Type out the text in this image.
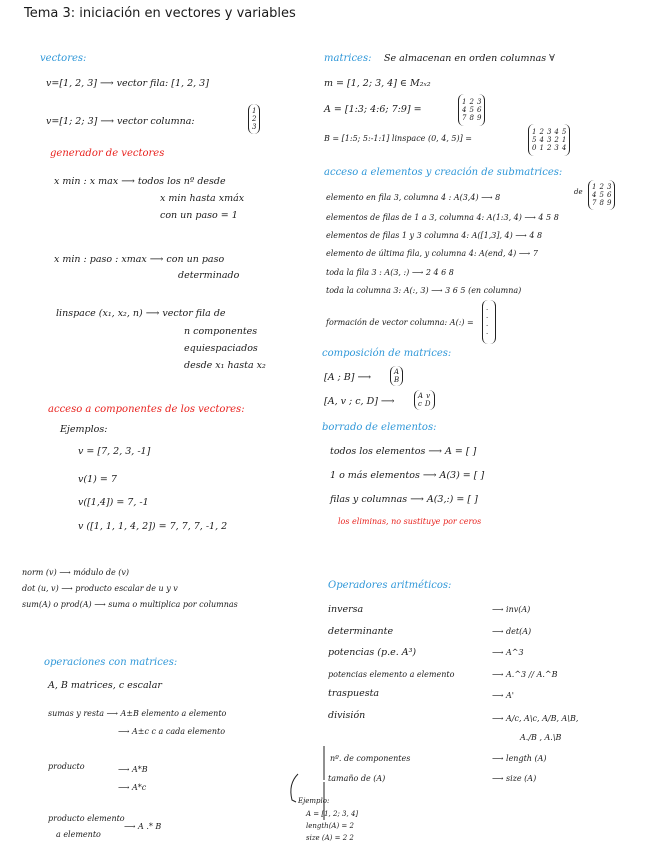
Tema 3: iniciación en vectores y variables
vectores:
v=[1, 2, 3] ⟶ vector fila: [1, 2, 3]
v=[1; 2; 3] ⟶ vector columna:
1
2
3
generador de vectores
x min : x max ⟶ todos los nº desde
x min hasta xmáx
con un paso = 1
x min : paso : xmax ⟶ con un paso
determinado
linspace (x₁, x₂, n) ⟶ vector fila de
n componentes
equiespaciados
desde x₁ hasta x₂
acceso a componentes de los vectores:
Ejemplos:
v = [7, 2, 3, -1]
v(1) = 7
v([1,4]) = 7, -1
v ([1, 1, 1, 4, 2]) = 7, 7, 7, -1, 2
norm (v) ⟶ módulo de (v)
dot (u, v) ⟶ producto escalar de u y v
sum(A) o prod(A) ⟶ suma o multiplica por columnas
operaciones con matrices:
A, B matrices, c escalar
sumas y resta ⟶ A±B elemento a elemento
⟶ A±c c a cada elemento
producto	⟶ A*B
⟶ A*c
producto elemento
a elemento
⟶ A .* B
matrices: Se almacenan en orden columnas ∀
m = [1, 2; 3, 4] ∈ M₂ₓ₂
A = [1:3; 4:6; 7:9] =
1 2 3
4 5 6
7 8 9
B = [1:5; 5:-1:1] linspace (0, 4, 5)] =
1 2 3 4 5
5 4 3 2 1
0 1 2 3 4
acceso a elementos y creación de submatrices:
elemento en fila 3, columna 4 : A(3,4) ⟶ 8
de
1 2 3
4 5 6
7 8 9
elementos de filas de 1 a 3, columna 4: A(1:3, 4) ⟶ 4 5 8
elementos de filas 1 y 3 columna 4: A([1,3], 4) ⟶ 4 8
elemento de última fila, y columna 4: A(end, 4) ⟶ 7
toda la fila 3 : A(3, :) ⟶ 2 4 6 8
toda la columna 3: A(:, 3) ⟶ 3 6 5 (en columna)
formación de vector columna: A(:) =
·
·
·
·
composición de matrices:
[A ; B] ⟶	A
B
[A, v ; c, D] ⟶	A v
c D
borrado de elementos:
todos los elementos ⟶ A = [ ]
1 o más elementos ⟶ A(3) = [ ]
filas y columnas ⟶ A(3,:) = [ ]
los eliminas, no sustituye por ceros
Operadores aritméticos:
inversa	⟶ inv(A)
determinante	⟶ det(A)
potencias (p.e. A³)	⟶ A^3
potencias elemento a elemento	⟶ A.^3 // A.^B
traspuesta	⟶ A'
división	⟶ A/c, A\c, A/B, A\B,
A./B , A.\B
nº. de componentes	⟶ length (A)
tamaño de (A)	⟶ size (A)
Ejemplo:
A = [1, 2; 3, 4]
length(A) = 2
size (A) = 2 2
